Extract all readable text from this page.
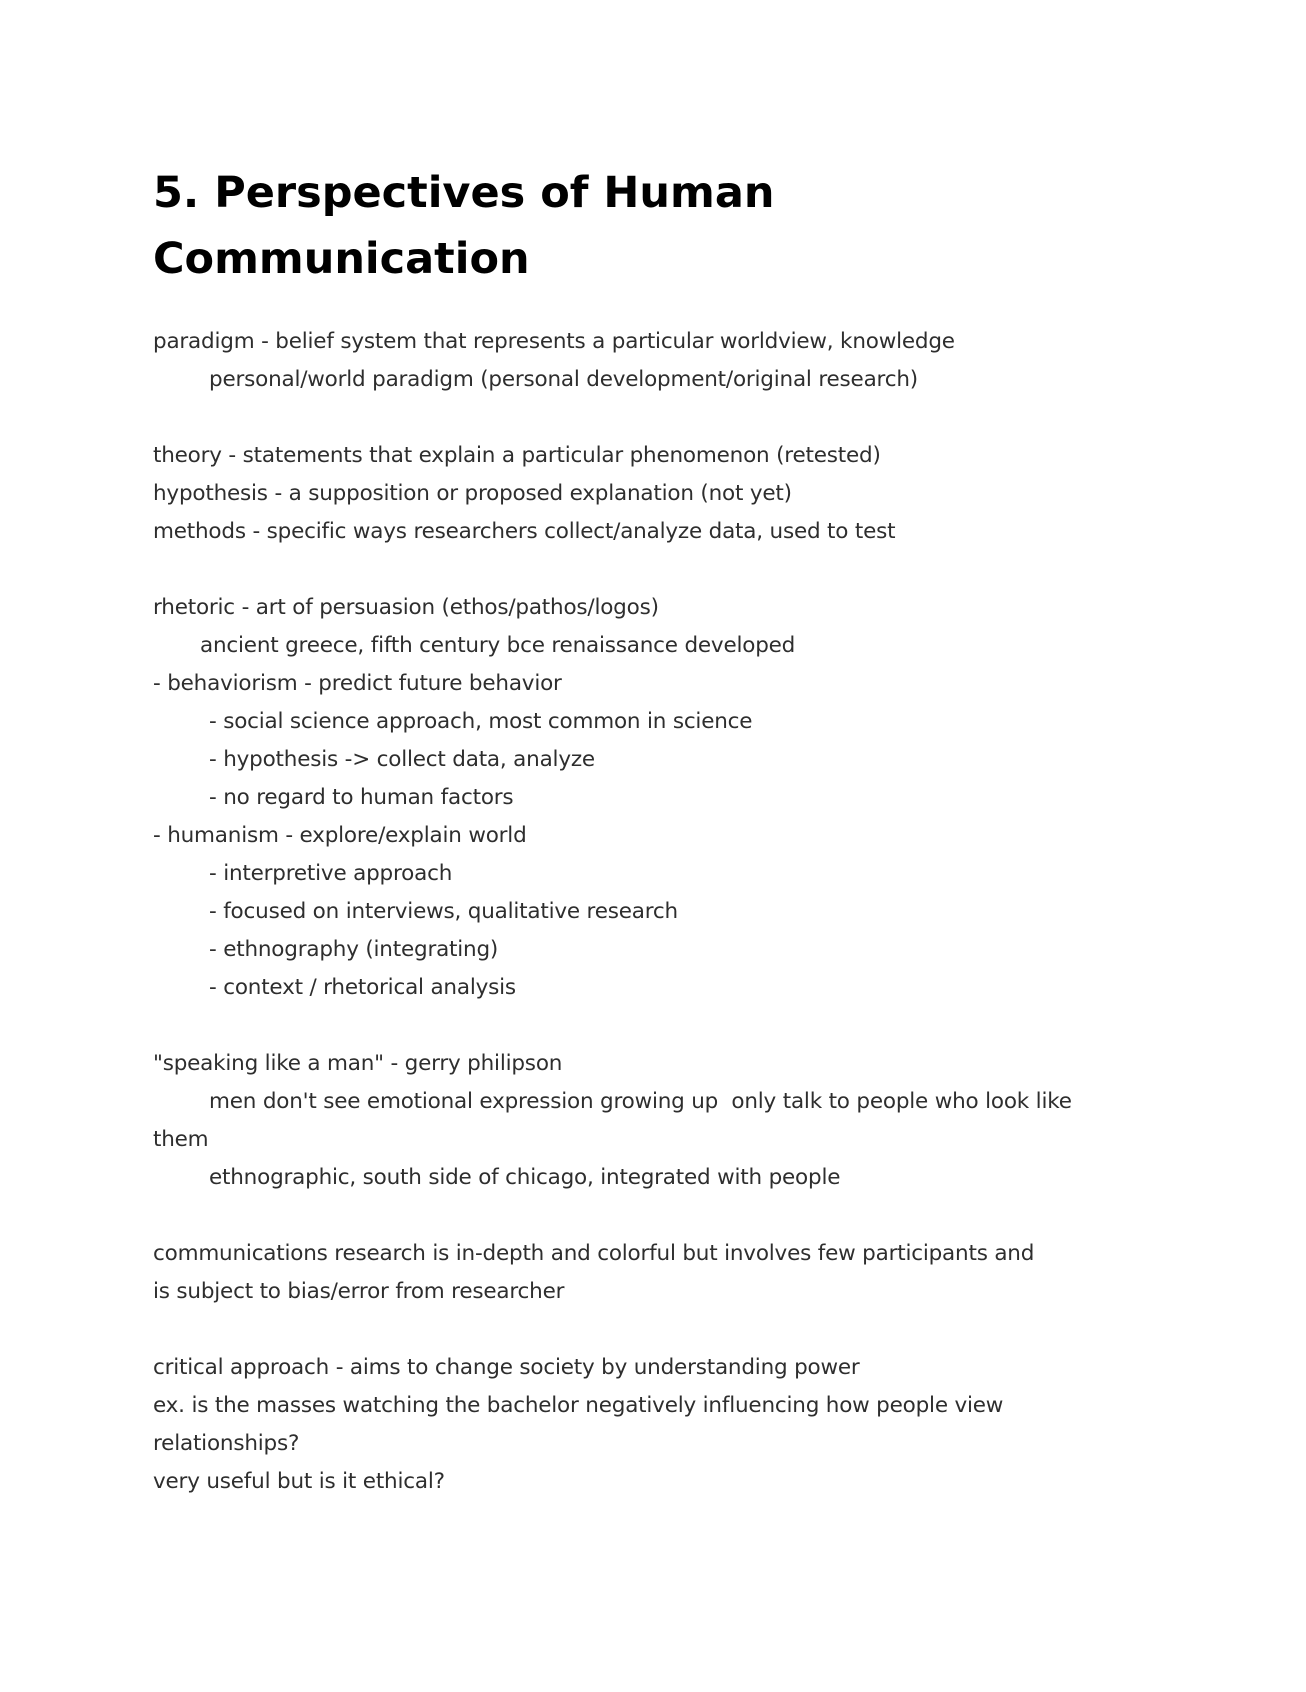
5. Perspectives of Human
Communication
paradigm - belief system that represents a particular worldview, knowledge
personal/world paradigm (personal development/original research)
theory - statements that explain a particular phenomenon (retested)
hypothesis - a supposition or proposed explanation (not yet)
methods - specific ways researchers collect/analyze data, used to test
rhetoric - art of persuasion (ethos/pathos/logos)
ancient greece, fifth century bce renaissance developed
- behaviorism - predict future behavior
- social science approach, most common in science
- hypothesis -> collect data, analyze
- no regard to human factors
- humanism - explore/explain world
- interpretive approach
- focused on interviews, qualitative research
- ethnography (integrating)
- context / rhetorical analysis
"speaking like a man" - gerry philipson
men don't see emotional expression growing up  only talk to people who look like
them
ethnographic, south side of chicago, integrated with people
communications research is in-depth and colorful but involves few participants and
is subject to bias/error from researcher
critical approach - aims to change society by understanding power
ex. is the masses watching the bachelor negatively influencing how people view
relationships?
very useful but is it ethical?
